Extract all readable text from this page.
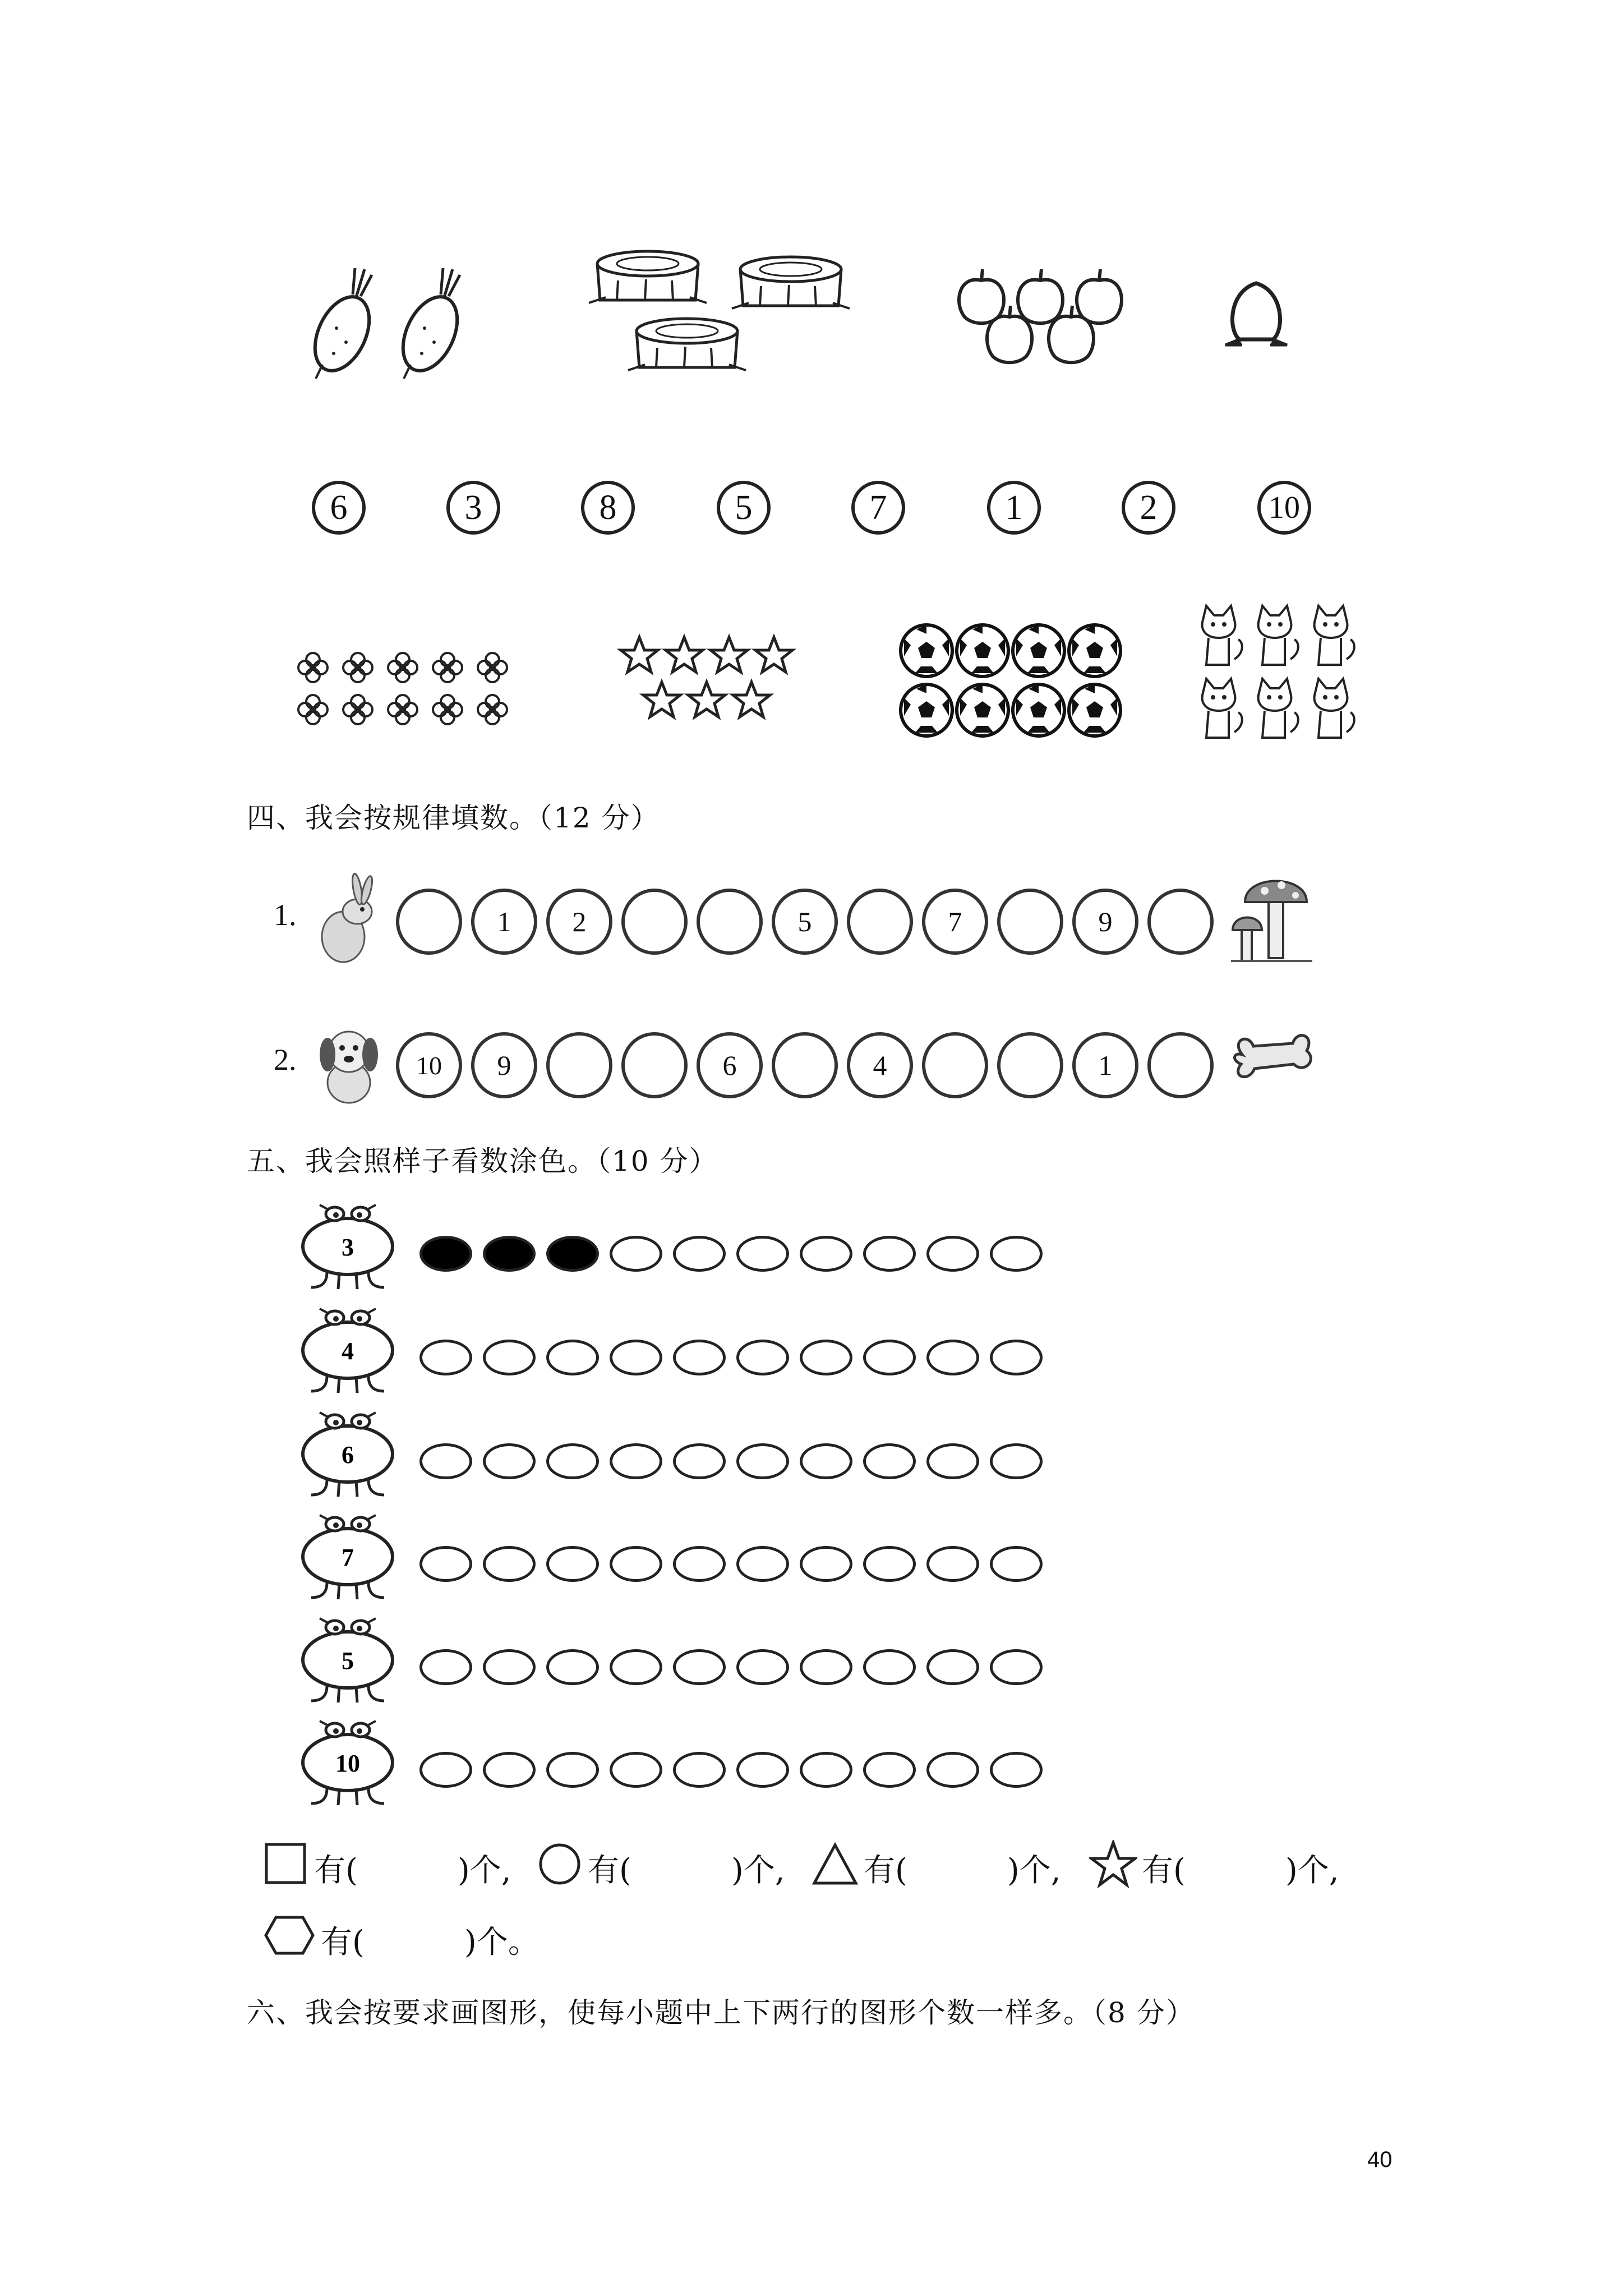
6	3	8	5	7	1	2	10
四、我会按规律填数。（12 分）
1.	1	2	5	7	9
2.	10	9	6	4	1
五、我会照样子看数涂色。（10 分）
3
4
6
7
5
10
有(          )个, 有(          )个,	有(          )个,	有(          )个,
有(          )个。
六、我会按要求画图形，使每小题中上下两行的图形个数一样多。（8 分）
40
